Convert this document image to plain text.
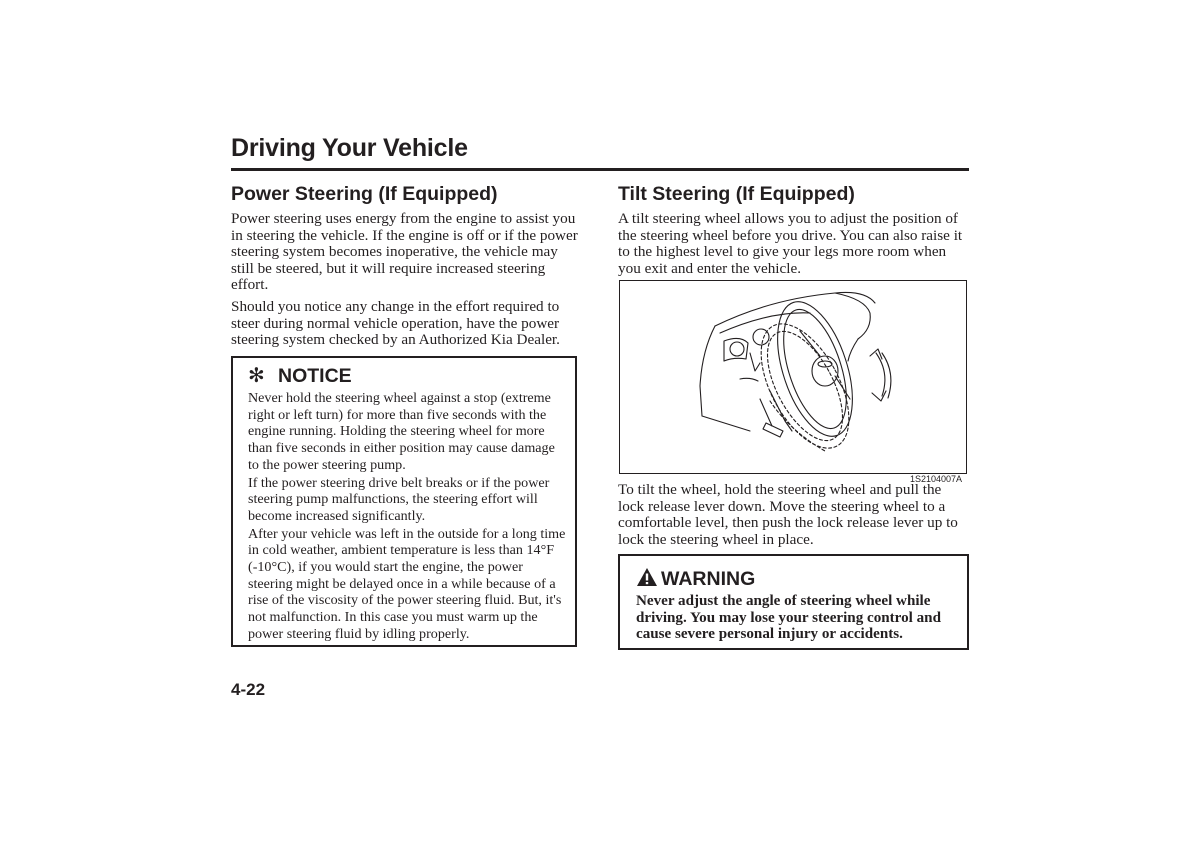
Driving Your Vehicle
Power Steering (If Equipped)

Power steering uses energy from the engine to assist you in steering the vehicle. If the engine is off or if the power steering system becomes inoperative, the vehicle may still be steered, but it will require increased steering effort.

Should you notice any change in the effort required to steer during normal vehicle operation, have the power steering system checked by an Authorized Kia Dealer.

✻ NOTICE

Never hold the steering wheel against a stop (extreme right or left turn) for more than five seconds with the engine running. Holding the steering wheel for more than five seconds in either position may cause damage to the power steering pump.

If the power steering drive belt breaks or if the power steering pump malfunctions, the steering effort will become increased significantly.

After your vehicle was left in the outside for a long time in cold weather, ambient temperature is less than 14°F (-10°C), if you would start the engine, the power steering might be delayed once in a while because of a rise of the viscosity of the power steering fluid. But, it's not malfunction. In this case you must warm up the power steering fluid by idling properly.

Tilt Steering (If Equipped)

A tilt steering wheel allows you to adjust the position of the steering wheel before you drive. You can also raise it to the highest level to give your legs more room when you exit and enter the vehicle.

1S2104007A

To tilt the wheel, hold the steering wheel and pull the lock release lever down. Move the steering wheel to a comfortable level, then push the lock release lever up to lock the steering wheel in place.

WARNING

Never adjust the angle of steering wheel while driving. You may lose your steering control and cause severe personal injury or accidents.

4-22
